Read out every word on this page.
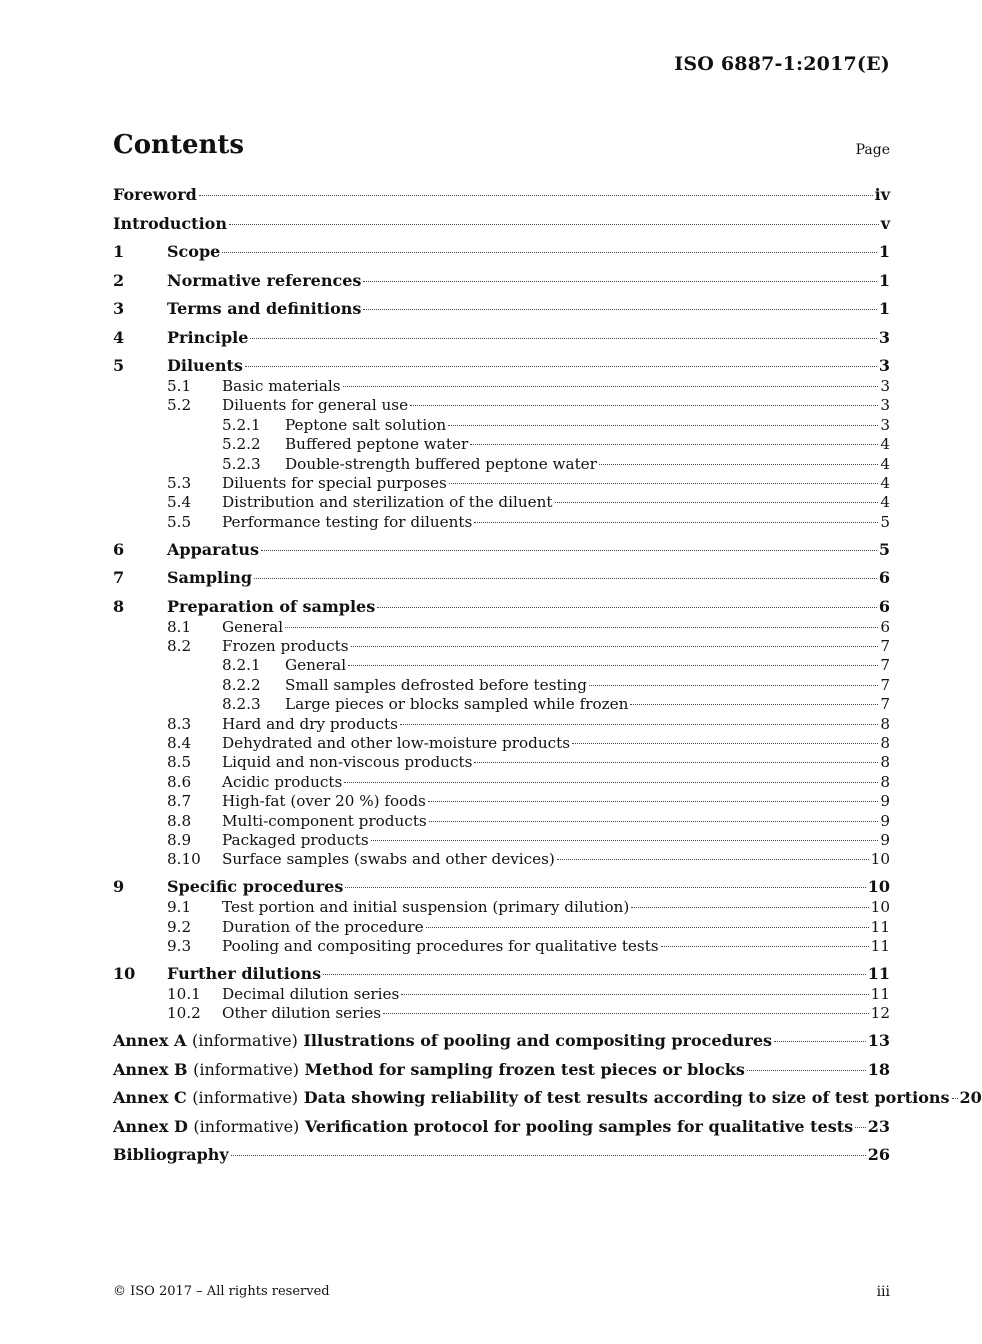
ISO 6887-1:2017(E)
Contents	Page
Foreword	iv
Introduction	v
1	Scope	1
2	Normative references	1
3	Terms and definitions	1
4	Principle	3
5	Diluents	3
5.1	Basic materials	3
5.2	Diluents for general use	3
5.2.1	Peptone salt solution	3
5.2.2	Buffered peptone water	4
5.2.3	Double-strength buffered peptone water	4
5.3	Diluents for special purposes	4
5.4	Distribution and sterilization of the diluent	4
5.5	Performance testing for diluents	5
6	Apparatus	5
7	Sampling	6
8	Preparation of samples	6
8.1	General	6
8.2	Frozen products	7
8.2.1	General	7
8.2.2	Small samples defrosted before testing	7
8.2.3	Large pieces or blocks sampled while frozen	7
8.3	Hard and dry products	8
8.4	Dehydrated and other low-moisture products	8
8.5	Liquid and non-viscous products	8
8.6	Acidic products	8
8.7	High-fat (over 20 %) foods	9
8.8	Multi-component products	9
8.9	Packaged products	9
8.10	Surface samples (swabs and other devices)	10
9	Specific procedures	10
9.1	Test portion and initial suspension (primary dilution)	10
9.2	Duration of the procedure	11
9.3	Pooling and compositing procedures for qualitative tests	11
10	Further dilutions	11
10.1	Decimal dilution series	11
10.2	Other dilution series	12
Annex A (informative) Illustrations of pooling and compositing procedures	13
Annex B (informative) Method for sampling frozen test pieces or blocks	18
Annex C (informative) Data showing reliability of test results according to size of test portions 20
Annex D (informative) Verification protocol for pooling samples for qualitative tests 23
Bibliography	26
© ISO 2017 – All rights reserved	iii
